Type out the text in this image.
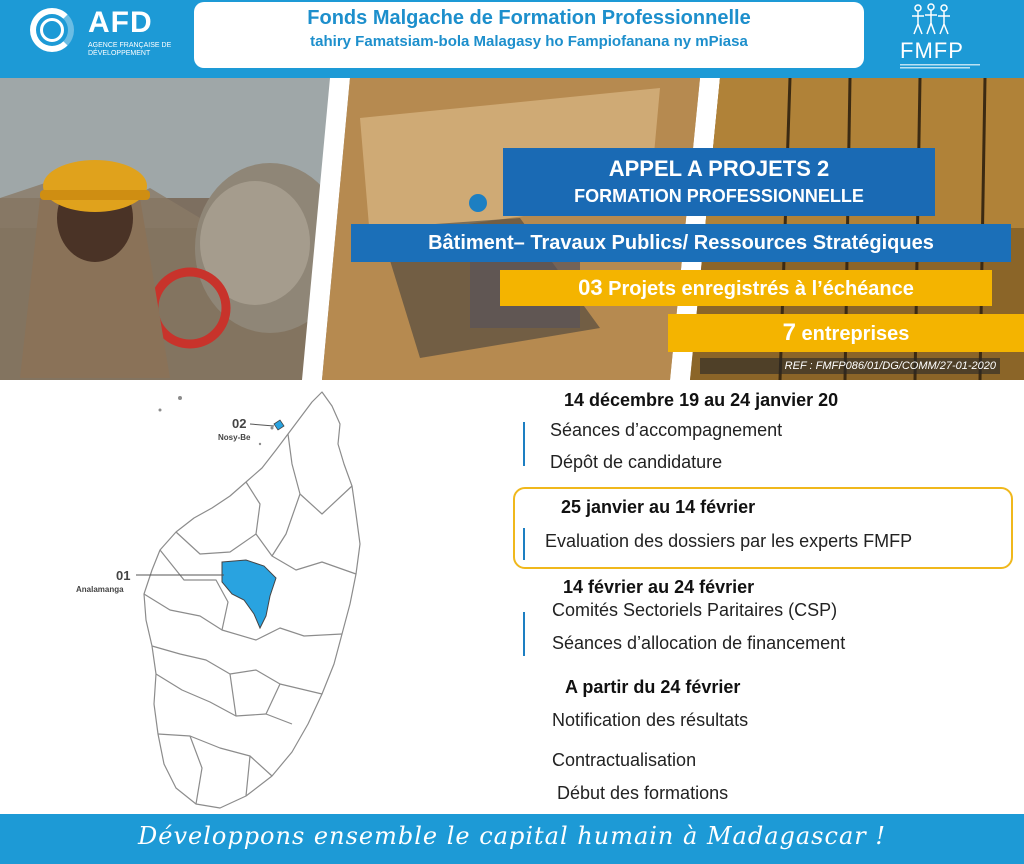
AFD
AGENCE FRANÇAISE DE DÉVELOPPEMENT
Fonds Malgache de Formation Professionnelle
tahiry Famatsiam-bola Malagasy ho Fampiofanana ny mPiasa	FMFP
APPEL A PROJETS 2
FORMATION PROFESSIONNELLE
Bâtiment– Travaux Publics/ Ressources Stratégiques
03 Projets enregistrés à l’échéance
7 entreprises
REF : FMFP086/01/DG/COMM/27-01-2020
02
Nosy-Be
01
Analamanga
14 décembre 19 au 24 janvier 20
Séances d’accompagnement
Dépôt de candidature
25 janvier au 14 février
Evaluation des dossiers par les experts FMFP
14 février au 24 février
Comités Sectoriels Paritaires (CSP)
Séances d’allocation de financement
A partir du 24 février
Notification des résultats
Contractualisation
Début des formations
Développons ensemble le capital humain à Madagascar !
